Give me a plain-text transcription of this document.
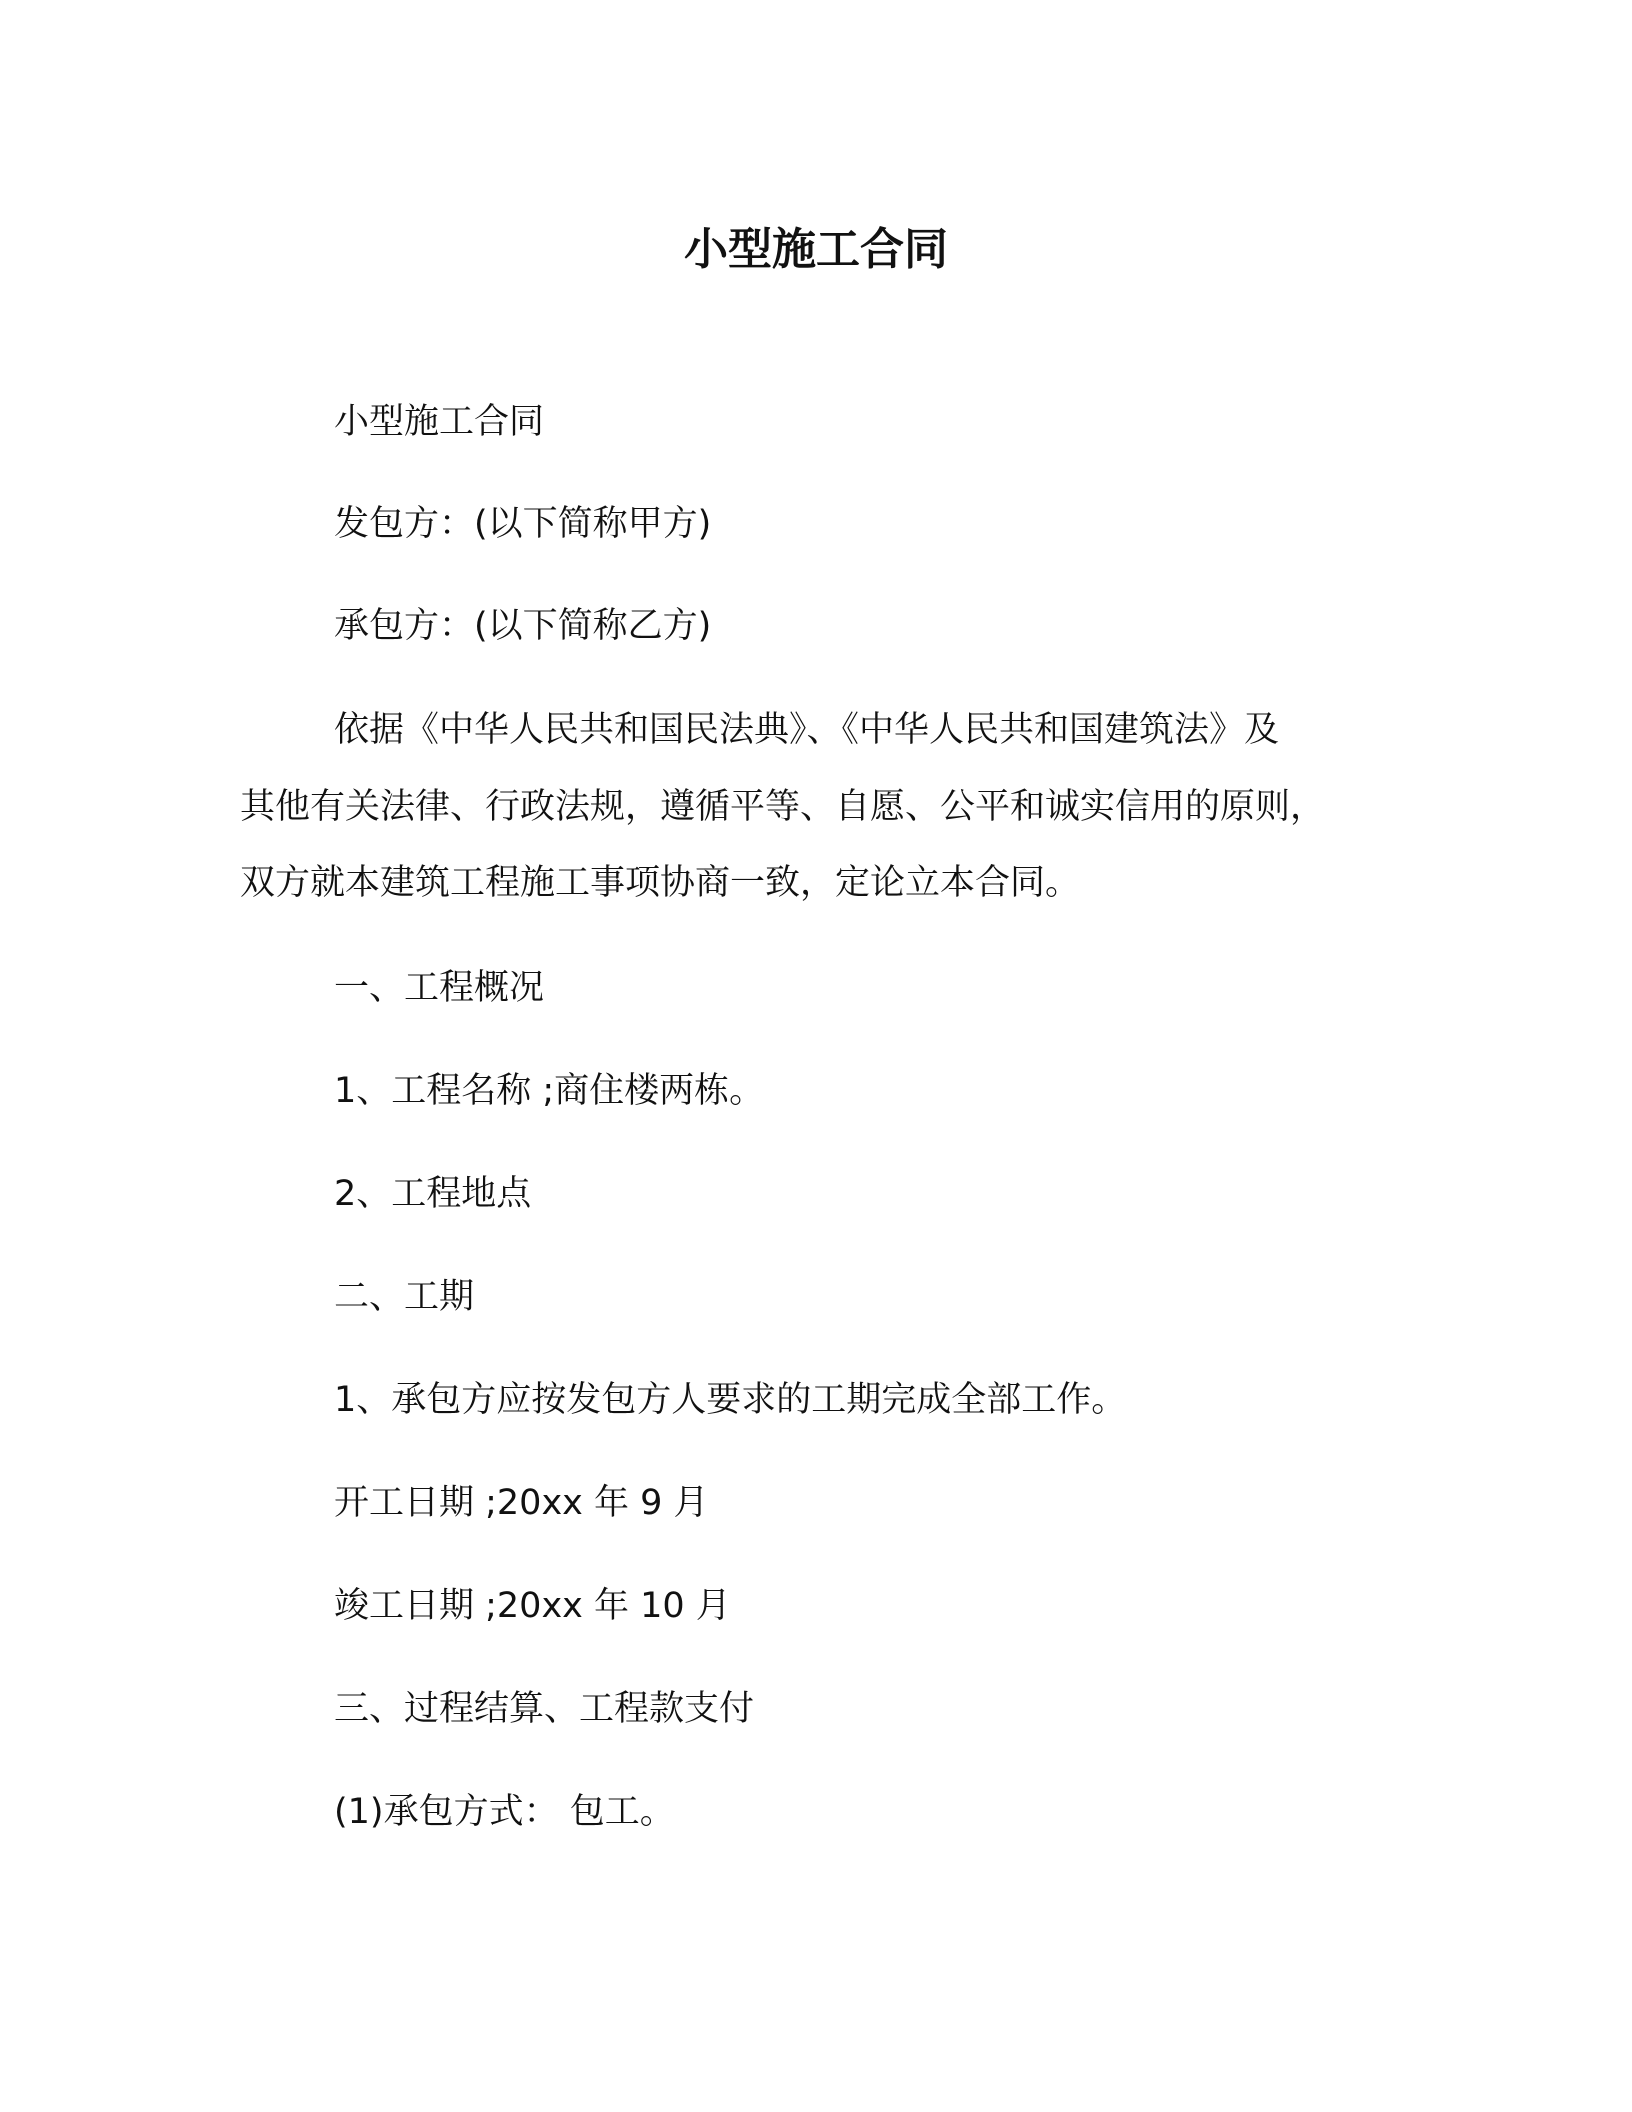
小型施工合同

小型施工合同

发包方：(以下简称甲方)

承包方：(以下简称乙方)

依据《中华人民共和国民法典》、《中华人民共和国建筑法》及

其他有关法律、行政法规，遵循平等、自愿、公平和诚实信用的原则，

双方就本建筑工程施工事项协商一致，定论立本合同。

一、工程概况

1、工程名称 ;商住楼两栋。

2、工程地点

二、工期

1、承包方应按发包方人要求的工期完成全部工作。

开工日期 ;20xx 年 9 月

竣工日期 ;20xx 年 10 月

三、过程结算、工程款支付

(1)承包方式： 包工。
